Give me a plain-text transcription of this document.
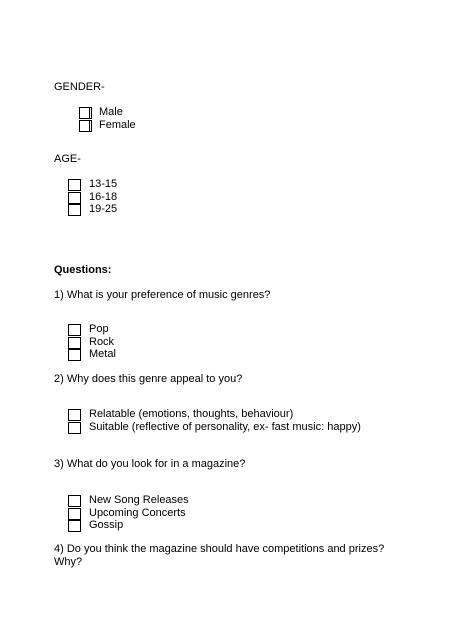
GENDER-
Male
Female
AGE-
13-15
16-18
19-25
Questions:
1) What is your preference of music genres?
Pop
Rock
Metal
2) Why does this genre appeal to you?
Relatable (emotions, thoughts, behaviour)
Suitable (reflective of personality, ex- fast music: happy)
3) What do you look for in a magazine?
New Song Releases
Upcoming Concerts
Gossip
4) Do you think the magazine should have competitions and prizes?
Why?
